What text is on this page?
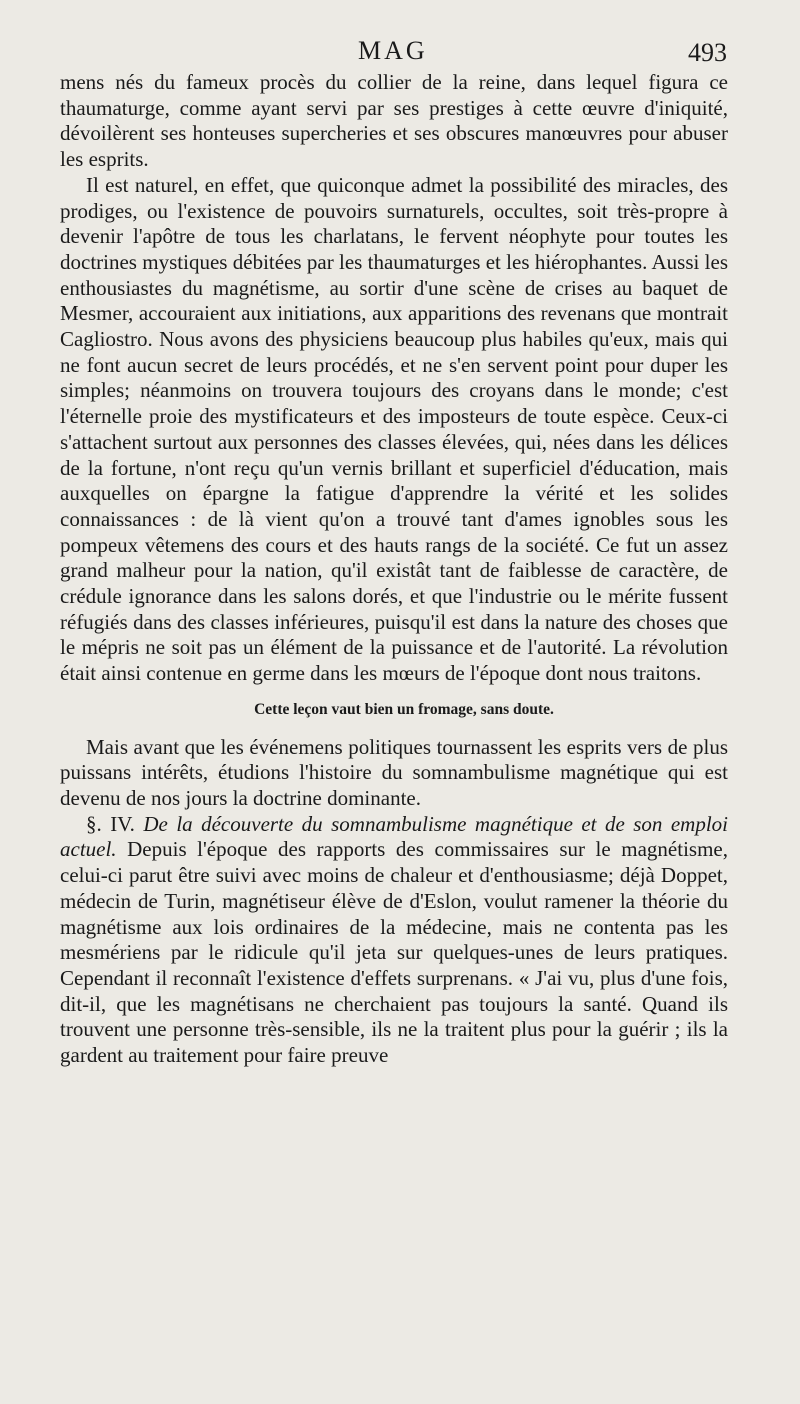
MAG	493

mens nés du fameux procès du collier de la reine, dans lequel figura ce thaumaturge, comme ayant servi par ses prestiges à cette œuvre d'iniquité, dévoilèrent ses honteuses supercheries et ses obscures manœuvres pour abuser les esprits.

Il est naturel, en effet, que quiconque admet la possibilité des miracles, des prodiges, ou l'existence de pouvoirs surnaturels, occultes, soit très-propre à devenir l'apôtre de tous les charlatans, le fervent néophyte pour toutes les doctrines mystiques débitées par les thaumaturges et les hiérophantes. Aussi les enthousiastes du magnétisme, au sortir d'une scène de crises au baquet de Mesmer, accouraient aux initiations, aux apparitions des revenans que montrait Cagliostro. Nous avons des physiciens beaucoup plus habiles qu'eux, mais qui ne font aucun secret de leurs procédés, et ne s'en servent point pour duper les simples; néanmoins on trouvera toujours des croyans dans le monde; c'est l'éternelle proie des mystificateurs et des imposteurs de toute espèce. Ceux-ci s'attachent surtout aux personnes des classes élevées, qui, nées dans les délices de la fortune, n'ont reçu qu'un vernis brillant et superficiel d'éducation, mais auxquelles on épargne la fatigue d'apprendre la vérité et les solides connaissances : de là vient qu'on a trouvé tant d'ames ignobles sous les pompeux vêtemens des cours et des hauts rangs de la société. Ce fut un assez grand malheur pour la nation, qu'il existât tant de faiblesse de caractère, de crédule ignorance dans les salons dorés, et que l'industrie ou le mérite fussent réfugiés dans des classes inférieures, puisqu'il est dans la nature des choses que le mépris ne soit pas un élément de la puissance et de l'autorité. La révolution était ainsi contenue en germe dans les mœurs de l'époque dont nous traitons.

Cette leçon vaut bien un fromage, sans doute.

Mais avant que les événemens politiques tournassent les esprits vers de plus puissans intérêts, étudions l'histoire du somnambulisme magnétique qui est devenu de nos jours la doctrine dominante.

§. IV. De la découverte du somnambulisme magnétique et de son emploi actuel. Depuis l'époque des rapports des commissaires sur le magnétisme, celui-ci parut être suivi avec moins de chaleur et d'enthousiasme; déjà Doppet, médecin de Turin, magnétiseur élève de d'Eslon, voulut ramener la théorie du magnétisme aux lois ordinaires de la médecine, mais ne contenta pas les mesmériens par le ridicule qu'il jeta sur quelques-unes de leurs pratiques. Cependant il reconnaît l'existence d'effets surprenans. « J'ai vu, plus d'une fois, dit-il, que les magnétisans ne cherchaient pas toujours la santé. Quand ils trouvent une personne très-sensible, ils ne la traitent plus pour la guérir ; ils la gardent au traitement pour faire preuve
